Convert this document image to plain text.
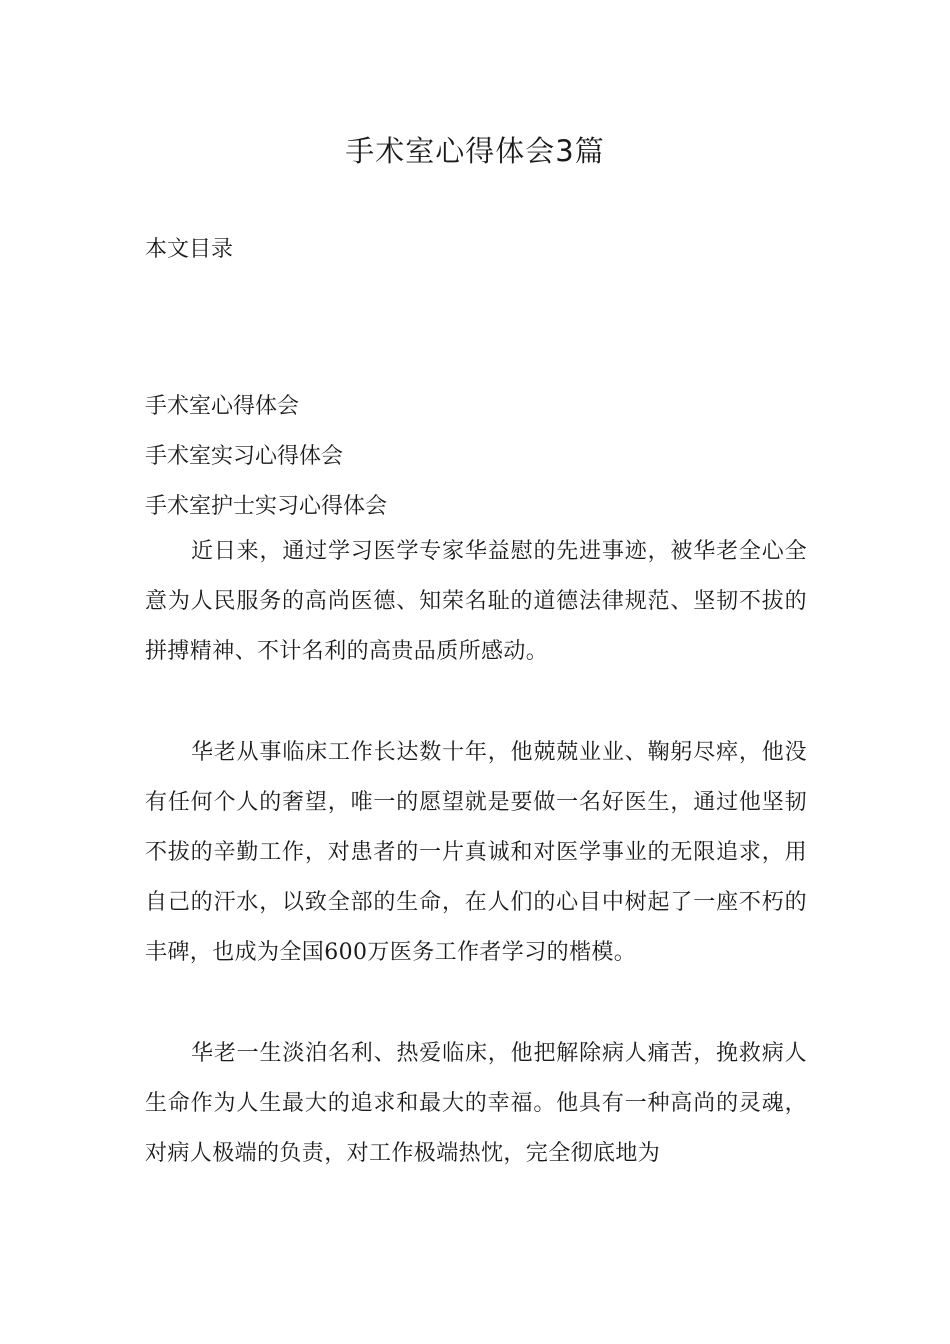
手术室心得体会3篇
本文目录
手术室心得体会
手术室实习心得体会
手术室护士实习心得体会

近日来，通过学习医学专家华益慰的先进事迹，被华老全心全意为人民服务的高尚医德、知荣名耻的道德法律规范、坚韧不拔的拼搏精神、不计名利的高贵品质所感动。

华老从事临床工作长达数十年，他兢兢业业、鞠躬尽瘁，他没有任何个人的奢望，唯一的愿望就是要做一名好医生，通过他坚韧不拔的辛勤工作，对患者的一片真诚和对医学事业的无限追求，用自己的汗水，以致全部的生命，在人们的心目中树起了一座不朽的丰碑，也成为全国600万医务工作者学习的楷模。

华老一生淡泊名利、热爱临床，他把解除病人痛苦，挽救病人生命作为人生最大的追求和最大的幸福。他具有一种高尚的灵魂，对病人极端的负责，对工作极端热忱，完全彻底地为
